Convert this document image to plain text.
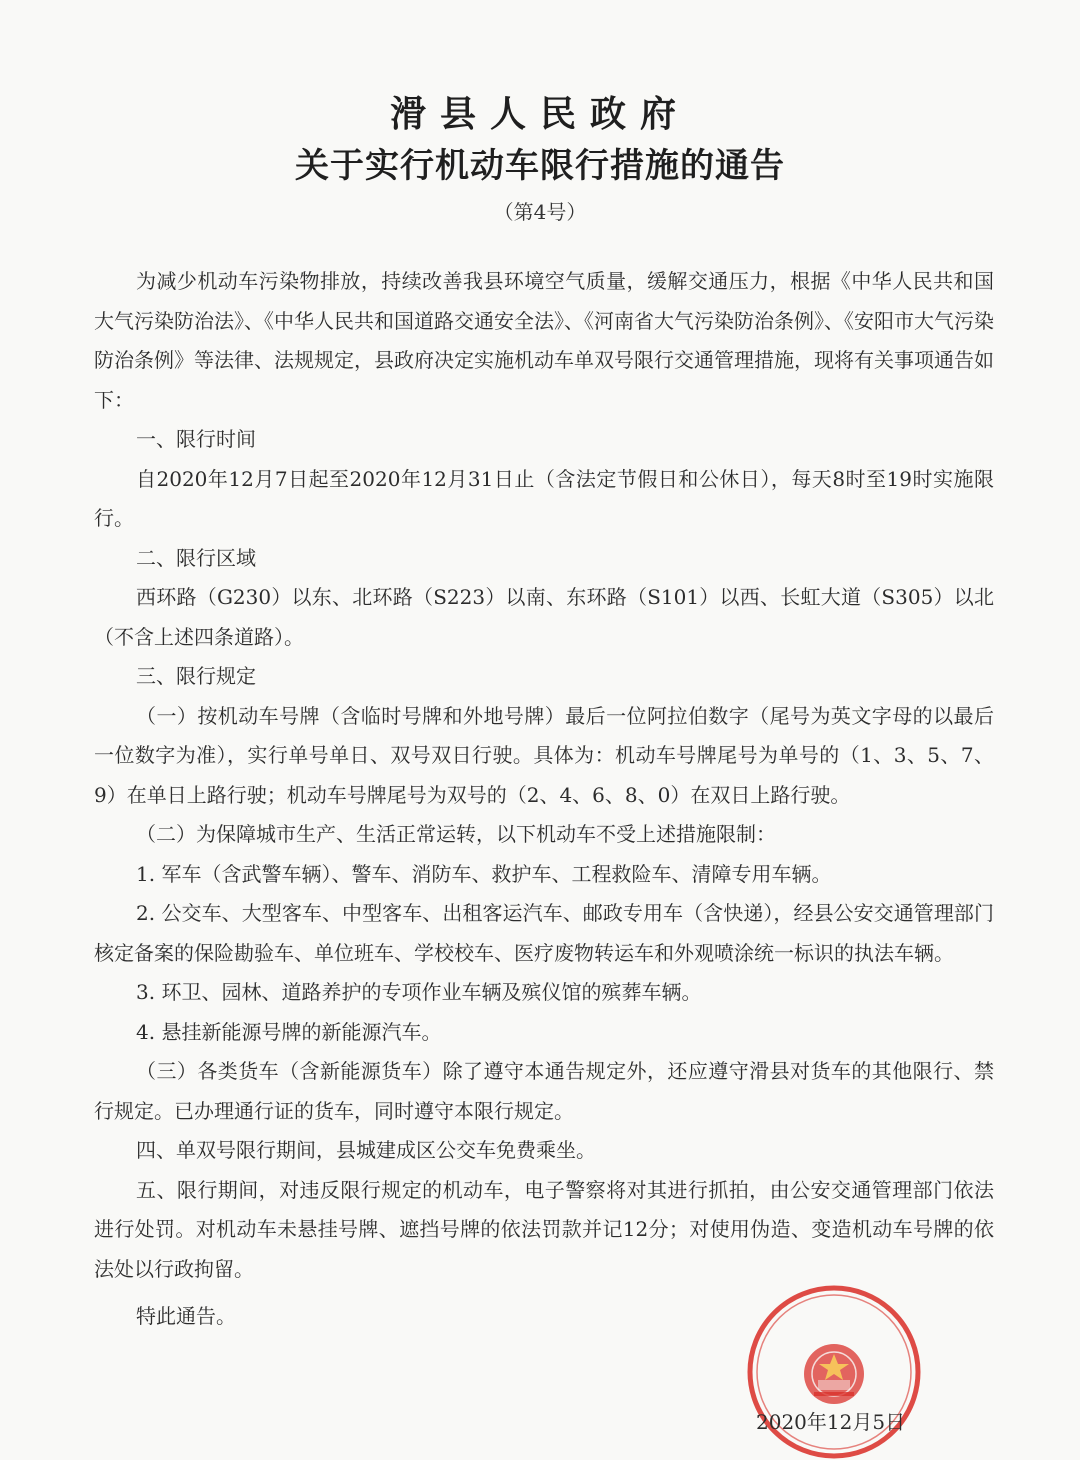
滑县人民政府
关于实行机动车限行措施的通告
（第4号）

为减少机动车污染物排放，持续改善我县环境空气质量，缓解交通压力，根据《中华人民共和国大气污染防治法》、《中华人民共和国道路交通安全法》、《河南省大气污染防治条例》、《安阳市大气污染防治条例》等法律、法规规定，县政府决定实施机动车单双号限行交通管理措施，现将有关事项通告如下：

一、限行时间

自2020年12月7日起至2020年12月31日止（含法定节假日和公休日），每天8时至19时实施限行。

二、限行区域

西环路（G230）以东、北环路（S223）以南、东环路（S101）以西、长虹大道（S305）以北（不含上述四条道路）。

三、限行规定

（一）按机动车号牌（含临时号牌和外地号牌）最后一位阿拉伯数字（尾号为英文字母的以最后一位数字为准），实行单号单日、双号双日行驶。具体为：机动车号牌尾号为单号的（1、3、5、7、9）在单日上路行驶；机动车号牌尾号为双号的（2、4、6、8、0）在双日上路行驶。

（二）为保障城市生产、生活正常运转，以下机动车不受上述措施限制：

1. 军车（含武警车辆）、警车、消防车、救护车、工程救险车、清障专用车辆。

2. 公交车、大型客车、中型客车、出租客运汽车、邮政专用车（含快递），经县公安交通管理部门核定备案的保险勘验车、单位班车、学校校车、医疗废物转运车和外观喷涂统一标识的执法车辆。

3. 环卫、园林、道路养护的专项作业车辆及殡仪馆的殡葬车辆。

4. 悬挂新能源号牌的新能源汽车。

（三）各类货车（含新能源货车）除了遵守本通告规定外，还应遵守滑县对货车的其他限行、禁行规定。已办理通行证的货车，同时遵守本限行规定。

四、单双号限行期间，县城建成区公交车免费乘坐。

五、限行期间，对违反限行规定的机动车，电子警察将对其进行抓拍，由公安交通管理部门依法进行处罚。对机动车未悬挂号牌、遮挡号牌的依法罚款并记12分；对使用伪造、变造机动车号牌的依法处以行政拘留。

特此通告。
2020年12月5日
